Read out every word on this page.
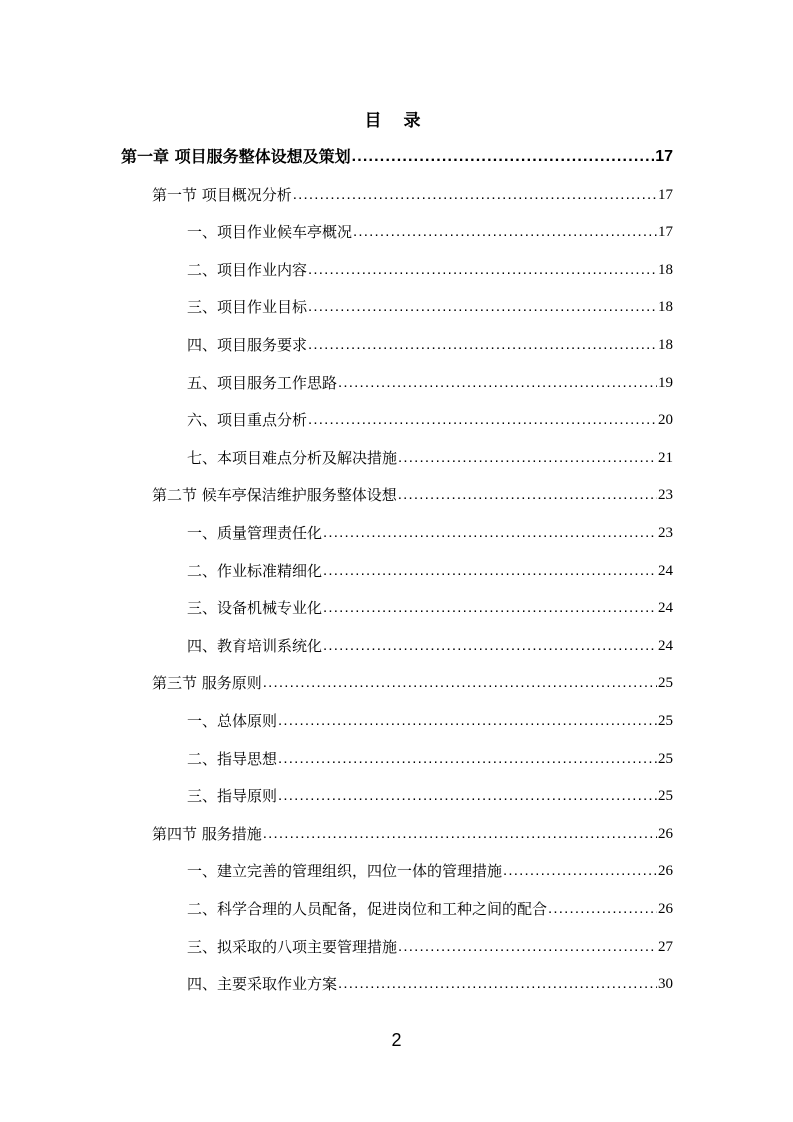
目 录
第一章 项目服务整体设想及策划 .....	17
第一节 项目概况分析 .....	17
一、项目作业候车亭概况 .....	17
二、项目作业内容 .....	18
三、项目作业目标 .....	18
四、项目服务要求 .....	18
五、项目服务工作思路 .....	19
六、项目重点分析 .....	20
七、本项目难点分析及解决措施 .....	21
第二节 候车亭保洁维护服务整体设想 .....	23
一、质量管理责任化 .....	23
二、作业标准精细化 .....	24
三、设备机械专业化 .....	24
四、教育培训系统化 .....	24
第三节 服务原则 .....	25
一、总体原则 .....	25
二、指导思想 .....	25
三、指导原则 .....	25
第四节 服务措施 .....	26
一、建立完善的管理组织，四位一体的管理措施 .....	26
二、科学合理的人员配备，促进岗位和工种之间的配合 .....	26
三、拟采取的八项主要管理措施 .....	27
四、主要采取作业方案 .....	30
2
